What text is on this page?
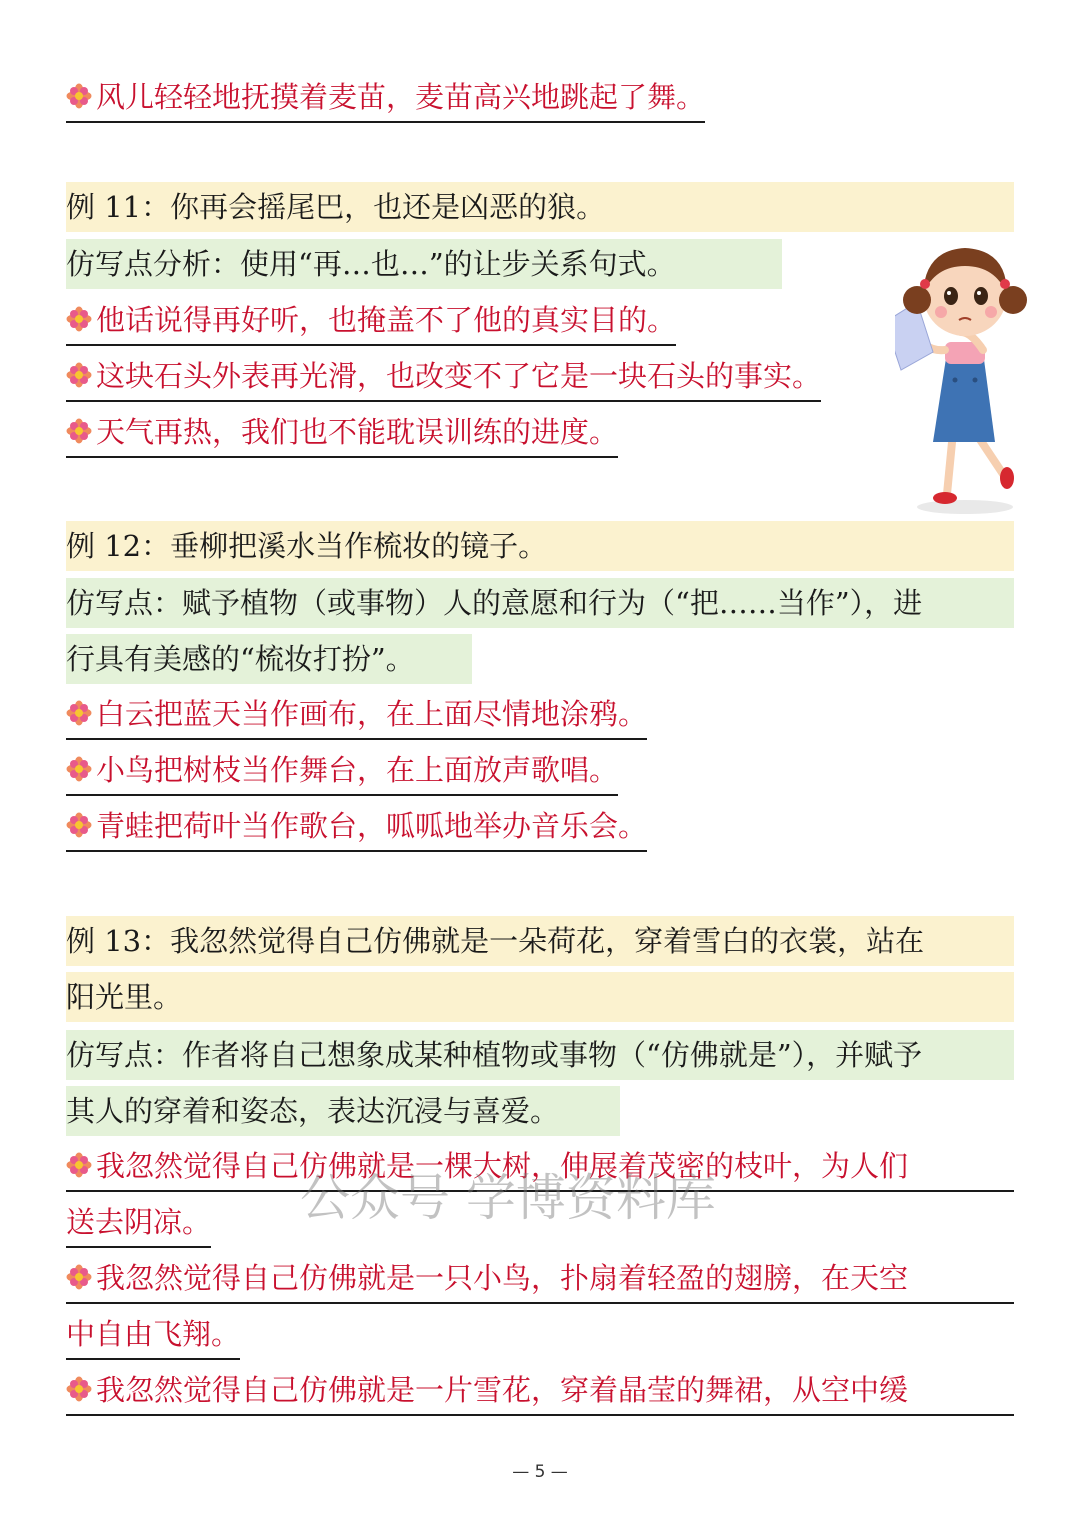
风儿轻轻地抚摸着麦苗，麦苗高兴地跳起了舞。
例 11：你再会摇尾巴，也还是凶恶的狼。
仿写点分析：使用“再…也…”的让步关系句式。
他话说得再好听，也掩盖不了他的真实目的。
这块石头外表再光滑，也改变不了它是一块石头的事实。
天气再热，我们也不能耽误训练的进度。
例 12：垂柳把溪水当作梳妆的镜子。
仿写点：赋予植物（或事物）人的意愿和行为（“把……当作”），进
行具有美感的“梳妆打扮”。
白云把蓝天当作画布，在上面尽情地涂鸦。
小鸟把树枝当作舞台，在上面放声歌唱。
青蛙把荷叶当作歌台，呱呱地举办音乐会。
例 13：我忽然觉得自己仿佛就是一朵荷花，穿着雪白的衣裳，站在
阳光里。
仿写点：作者将自己想象成某种植物或事物（“仿佛就是”），并赋予
其人的穿着和姿态，表达沉浸与喜爱。
我忽然觉得自己仿佛就是一棵大树，伸展着茂密的枝叶，为人们
送去阴凉。
我忽然觉得自己仿佛就是一只小鸟，扑扇着轻盈的翅膀，在天空
中自由飞翔。
我忽然觉得自己仿佛就是一片雪花，穿着晶莹的舞裙，从空中缓
公众号 学博资料库
— 5 —
